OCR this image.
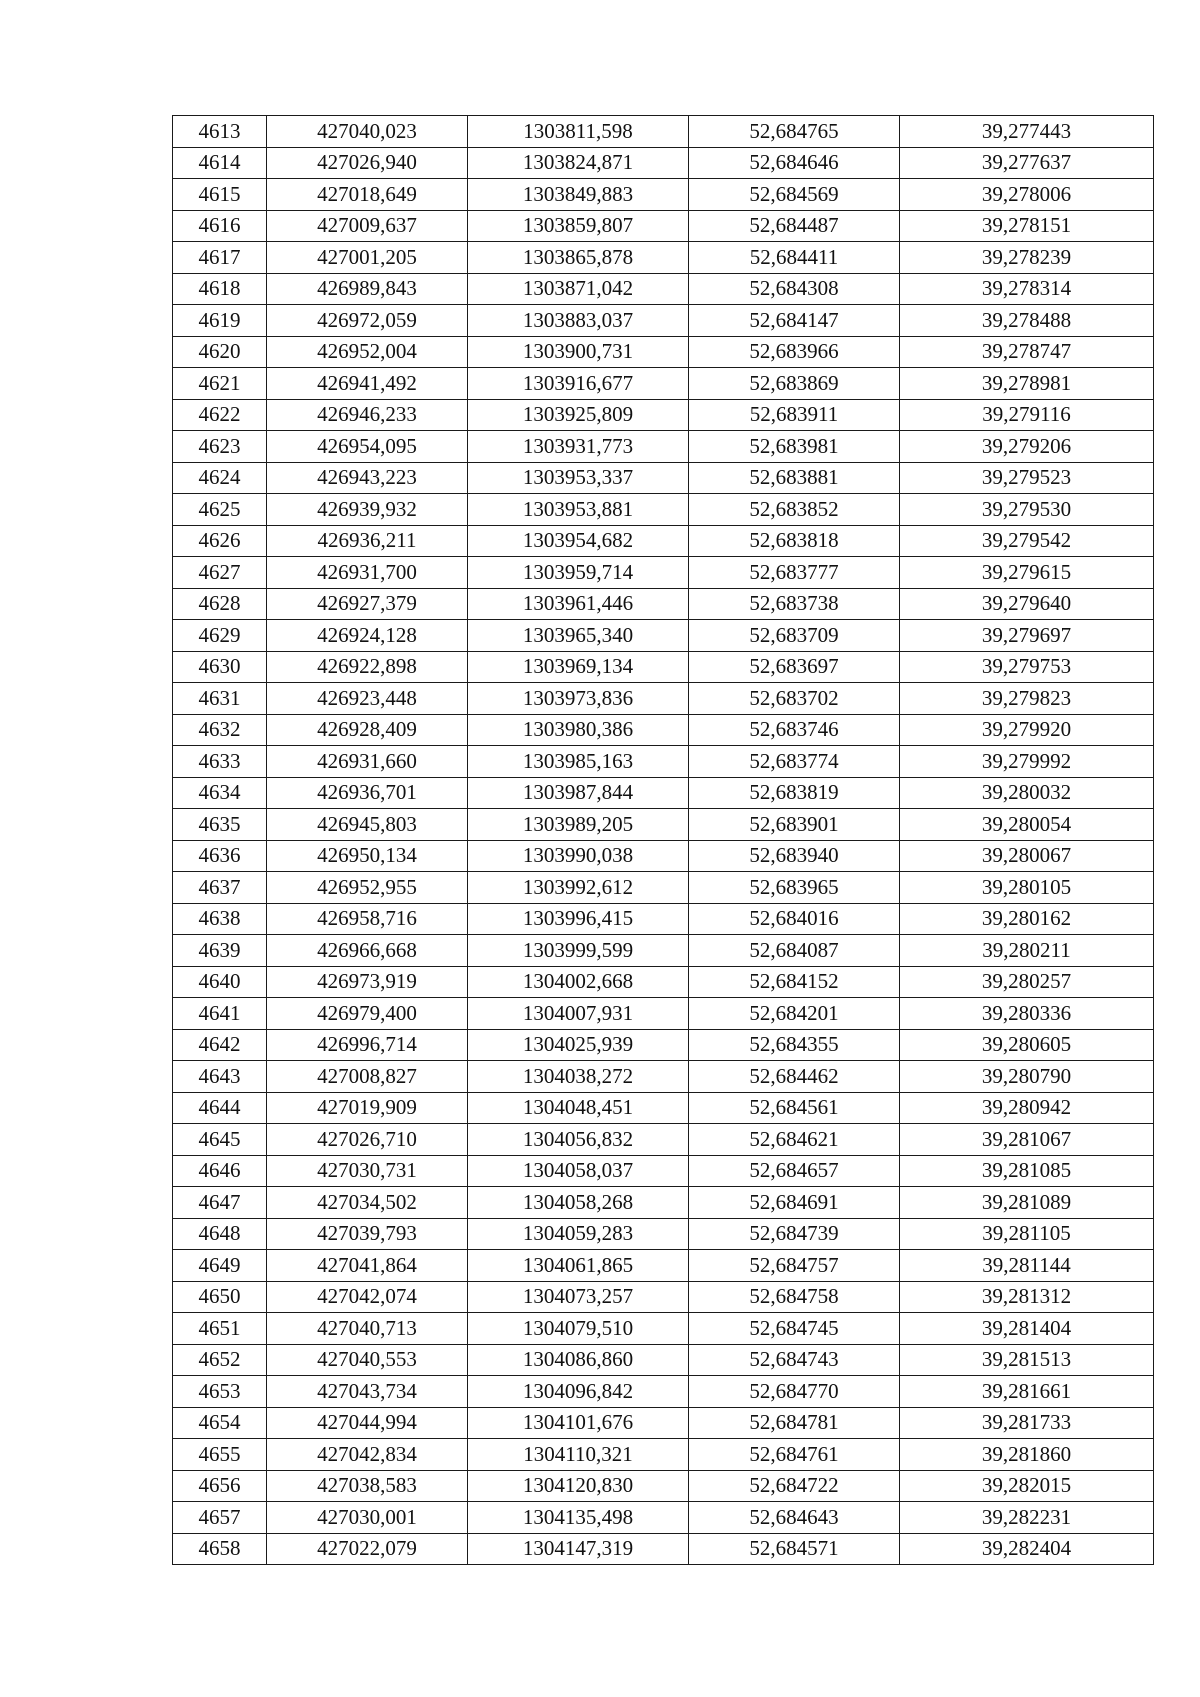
4613	427040,023	1303811,598	52,684765	39,277443
4614	427026,940	1303824,871	52,684646	39,277637
4615	427018,649	1303849,883	52,684569	39,278006
4616	427009,637	1303859,807	52,684487	39,278151
4617	427001,205	1303865,878	52,684411	39,278239
4618	426989,843	1303871,042	52,684308	39,278314
4619	426972,059	1303883,037	52,684147	39,278488
4620	426952,004	1303900,731	52,683966	39,278747
4621	426941,492	1303916,677	52,683869	39,278981
4622	426946,233	1303925,809	52,683911	39,279116
4623	426954,095	1303931,773	52,683981	39,279206
4624	426943,223	1303953,337	52,683881	39,279523
4625	426939,932	1303953,881	52,683852	39,279530
4626	426936,211	1303954,682	52,683818	39,279542
4627	426931,700	1303959,714	52,683777	39,279615
4628	426927,379	1303961,446	52,683738	39,279640
4629	426924,128	1303965,340	52,683709	39,279697
4630	426922,898	1303969,134	52,683697	39,279753
4631	426923,448	1303973,836	52,683702	39,279823
4632	426928,409	1303980,386	52,683746	39,279920
4633	426931,660	1303985,163	52,683774	39,279992
4634	426936,701	1303987,844	52,683819	39,280032
4635	426945,803	1303989,205	52,683901	39,280054
4636	426950,134	1303990,038	52,683940	39,280067
4637	426952,955	1303992,612	52,683965	39,280105
4638	426958,716	1303996,415	52,684016	39,280162
4639	426966,668	1303999,599	52,684087	39,280211
4640	426973,919	1304002,668	52,684152	39,280257
4641	426979,400	1304007,931	52,684201	39,280336
4642	426996,714	1304025,939	52,684355	39,280605
4643	427008,827	1304038,272	52,684462	39,280790
4644	427019,909	1304048,451	52,684561	39,280942
4645	427026,710	1304056,832	52,684621	39,281067
4646	427030,731	1304058,037	52,684657	39,281085
4647	427034,502	1304058,268	52,684691	39,281089
4648	427039,793	1304059,283	52,684739	39,281105
4649	427041,864	1304061,865	52,684757	39,281144
4650	427042,074	1304073,257	52,684758	39,281312
4651	427040,713	1304079,510	52,684745	39,281404
4652	427040,553	1304086,860	52,684743	39,281513
4653	427043,734	1304096,842	52,684770	39,281661
4654	427044,994	1304101,676	52,684781	39,281733
4655	427042,834	1304110,321	52,684761	39,281860
4656	427038,583	1304120,830	52,684722	39,282015
4657	427030,001	1304135,498	52,684643	39,282231
4658	427022,079	1304147,319	52,684571	39,282404
